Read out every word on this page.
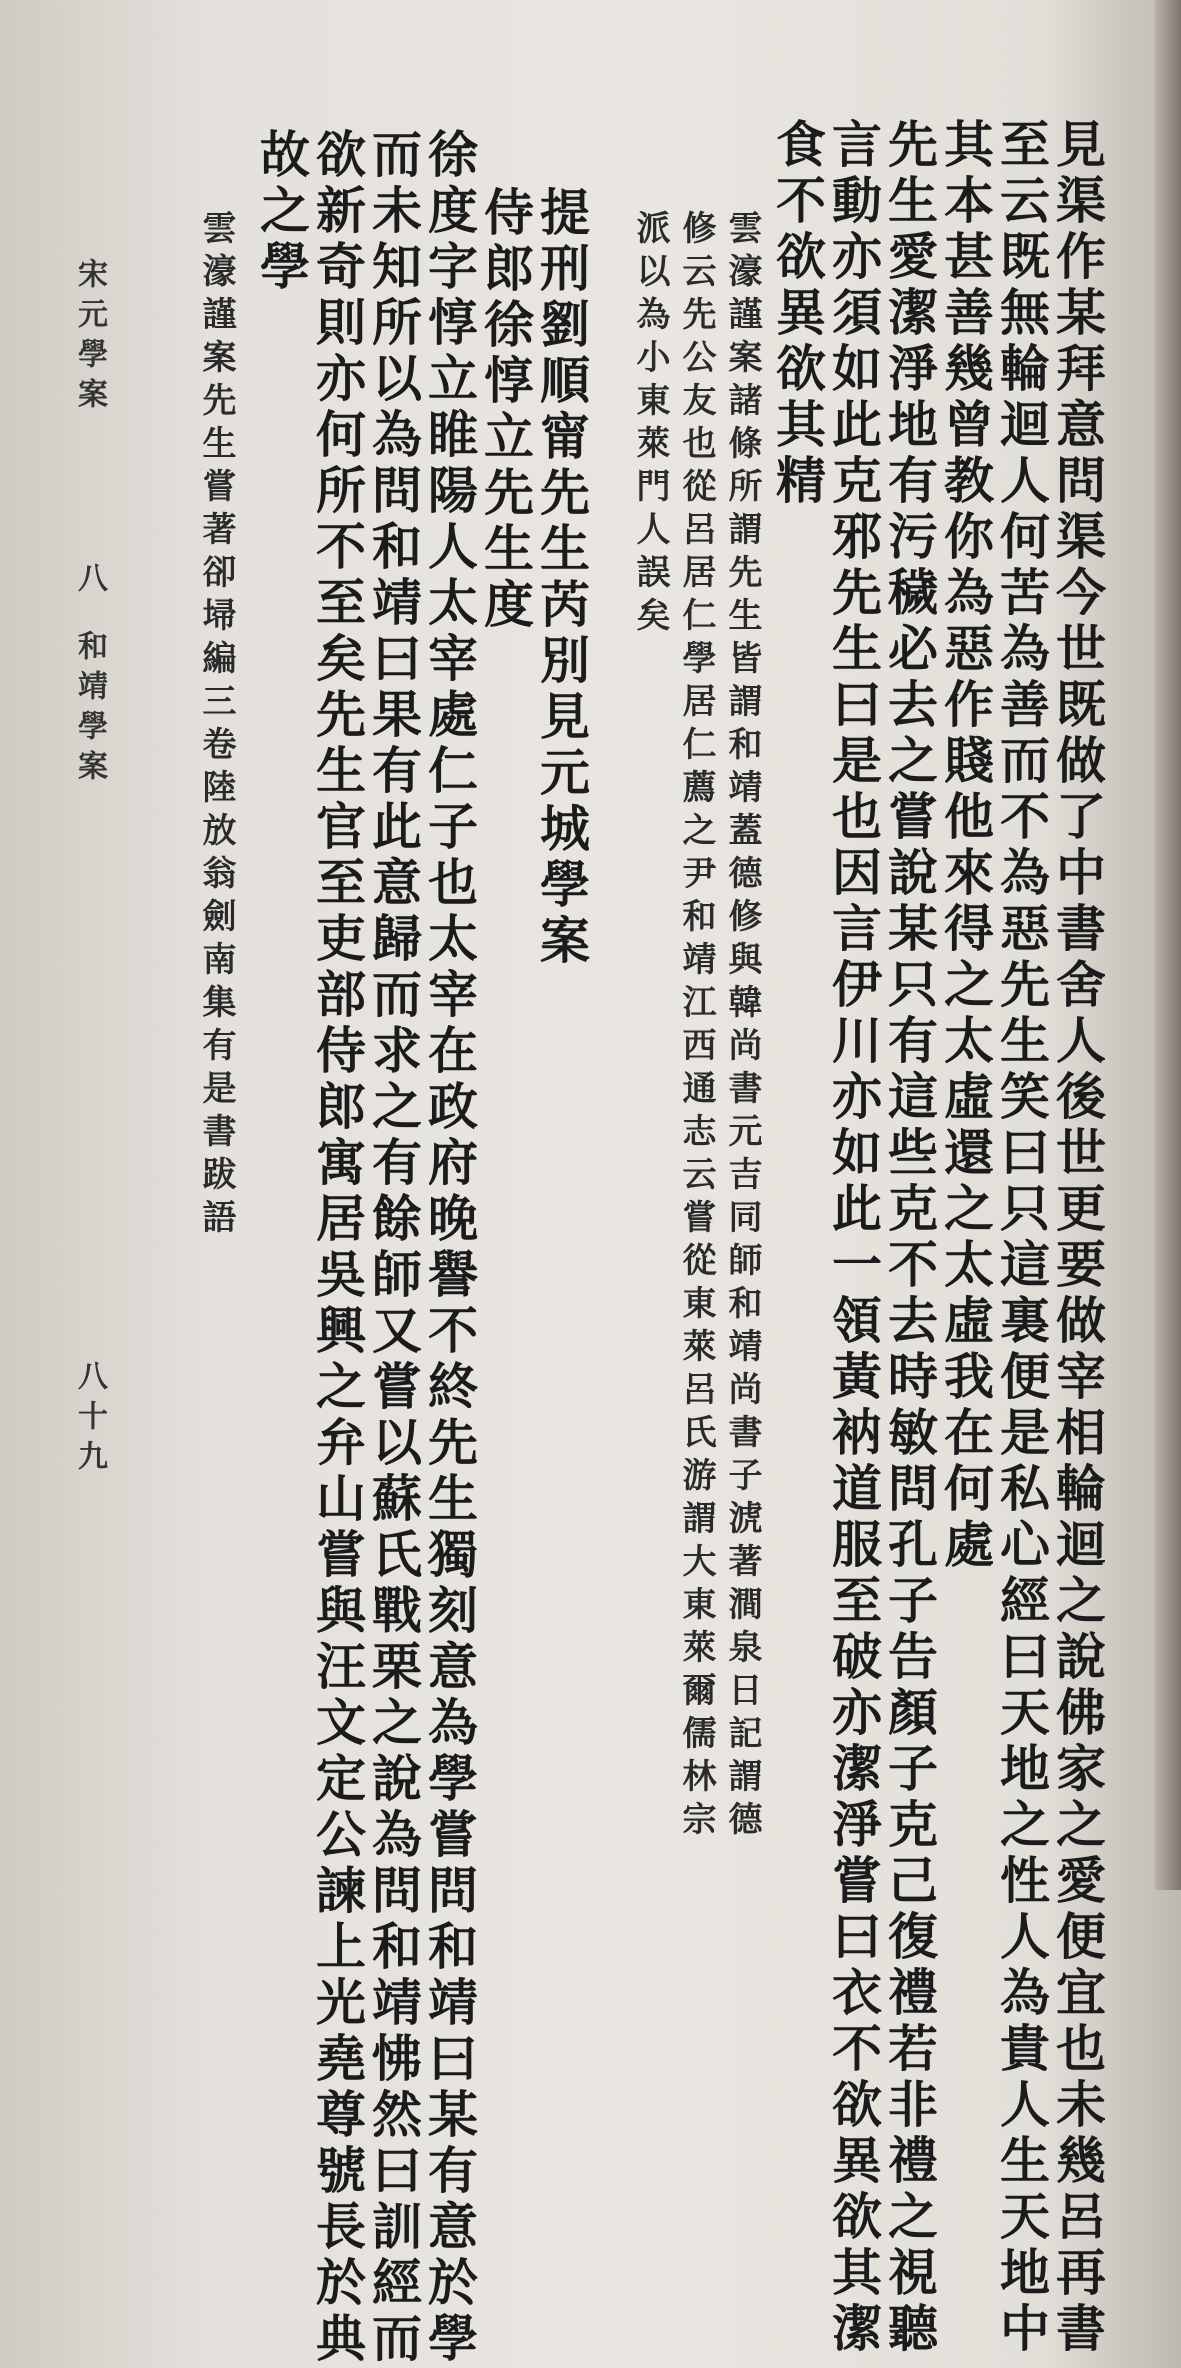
見渠作某拜意問渠今世既做了中書舍人後世更要做宰相輪迴之說佛家之愛便宜也未幾呂再書
至云既無輪迴人何苦為善而不為惡先生笑曰只這裏便是私心經曰天地之性人為貴人生天地中
其本甚善幾曾教你為惡作賤他來得之太虛還之太虛我在何處
先生愛潔淨地有污穢必去之嘗說某只有這些克不去時敏問孔子告顏子克己復禮若非禮之視聽
言動亦須如此克邪先生曰是也因言伊川亦如此一領黃衲道服至破亦潔淨嘗曰衣不欲異欲其潔
食不欲異欲其精
雲濠謹案諸條所謂先生皆謂和靖蓋德修與韓尚書元吉同師和靖尚書子淲著澗泉日記謂德
修云先公友也從呂居仁學居仁薦之尹和靖江西通志云嘗從東萊呂氏游謂大東萊爾儒林宗
派以為小東萊門人誤矣
提刑劉順甯先生芮別見元城學案
侍郎徐惇立先生度
徐度字惇立睢陽人太宰處仁子也太宰在政府晚譽不終先生獨刻意為學嘗問和靖曰某有意於學
而未知所以為問和靖曰果有此意歸而求之有餘師又嘗以蘇氏戰栗之說為問和靖怫然曰訓經而
欲新奇則亦何所不至矣先生官至吏部侍郎寓居吳興之弁山嘗與汪文定公諫上光堯尊號長於典
故之學
雲濠謹案先生嘗著卻埽編三卷陸放翁劍南集有是書跋語
宋元學案
八
和靖學案
八十九
